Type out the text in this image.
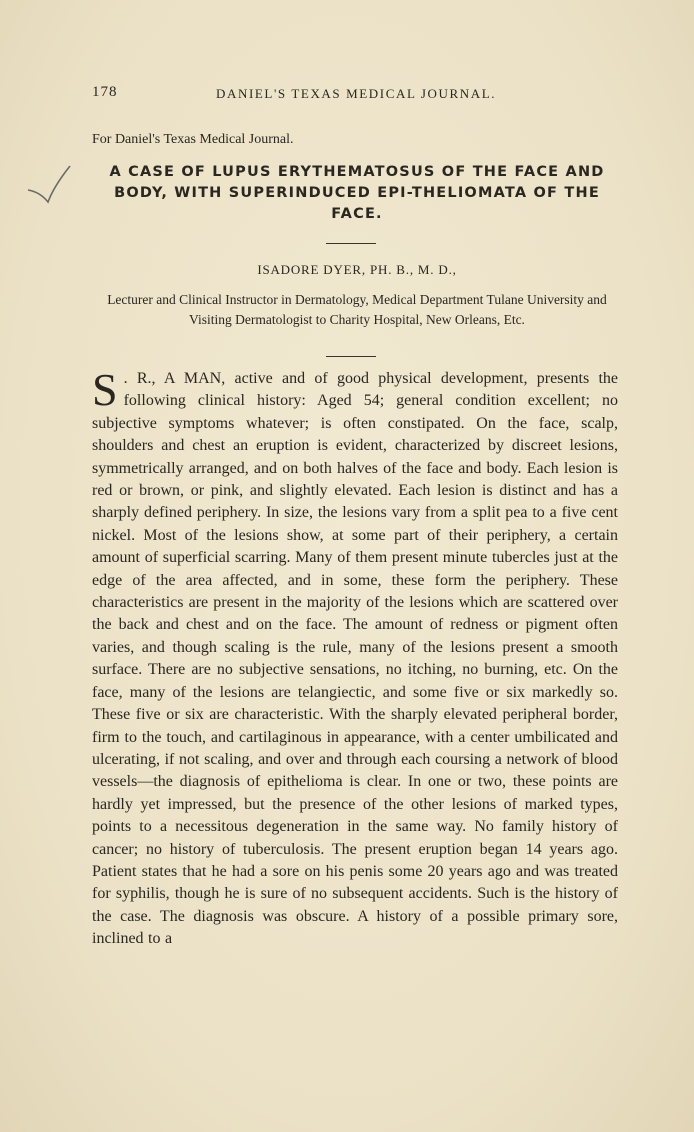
178	DANIEL'S TEXAS MEDICAL JOURNAL.
For Daniel's Texas Medical Journal.
A CASE OF LUPUS ERYTHEMATOSUS OF THE FACE AND BODY, WITH SUPERINDUCED EPI-THELIOMATA OF THE FACE.
ISADORE DYER, PH. B., M. D.,
Lecturer and Clinical Instructor in Dermatology, Medical Department Tulane University and Visiting Dermatologist to Charity Hospital, New Orleans, Etc.
S . R., A MAN, active and of good physical development, presents the following clinical history: Aged 54; general condition excellent; no subjective symptoms whatever; is often constipated. On the face, scalp, shoulders and chest an eruption is evident, characterized by discreet lesions, symmetrically arranged, and on both halves of the face and body. Each lesion is red or brown, or pink, and slightly elevated. Each lesion is distinct and has a sharply defined periphery. In size, the lesions vary from a split pea to a five cent nickel. Most of the lesions show, at some part of their periphery, a certain amount of superficial scarring. Many of them present minute tubercles just at the edge of the area affected, and in some, these form the periphery. These characteristics are present in the majority of the lesions which are scattered over the back and chest and on the face. The amount of redness or pigment often varies, and though scaling is the rule, many of the lesions present a smooth surface. There are no subjective sensations, no itching, no burning, etc. On the face, many of the lesions are telangiectic, and some five or six markedly so. These five or six are characteristic. With the sharply elevated peripheral border, firm to the touch, and cartilaginous in appearance, with a center umbilicated and ulcerating, if not scaling, and over and through each coursing a network of blood vessels—the diagnosis of epithelioma is clear. In one or two, these points are hardly yet impressed, but the presence of the other lesions of marked types, points to a necessitous degeneration in the same way. No family history of cancer; no history of tuberculosis. The present eruption began 14 years ago. Patient states that he had a sore on his penis some 20 years ago and was treated for syphilis, though he is sure of no subsequent accidents. Such is the history of the case. The diagnosis was obscure. A history of a possible primary sore, inclined to a
